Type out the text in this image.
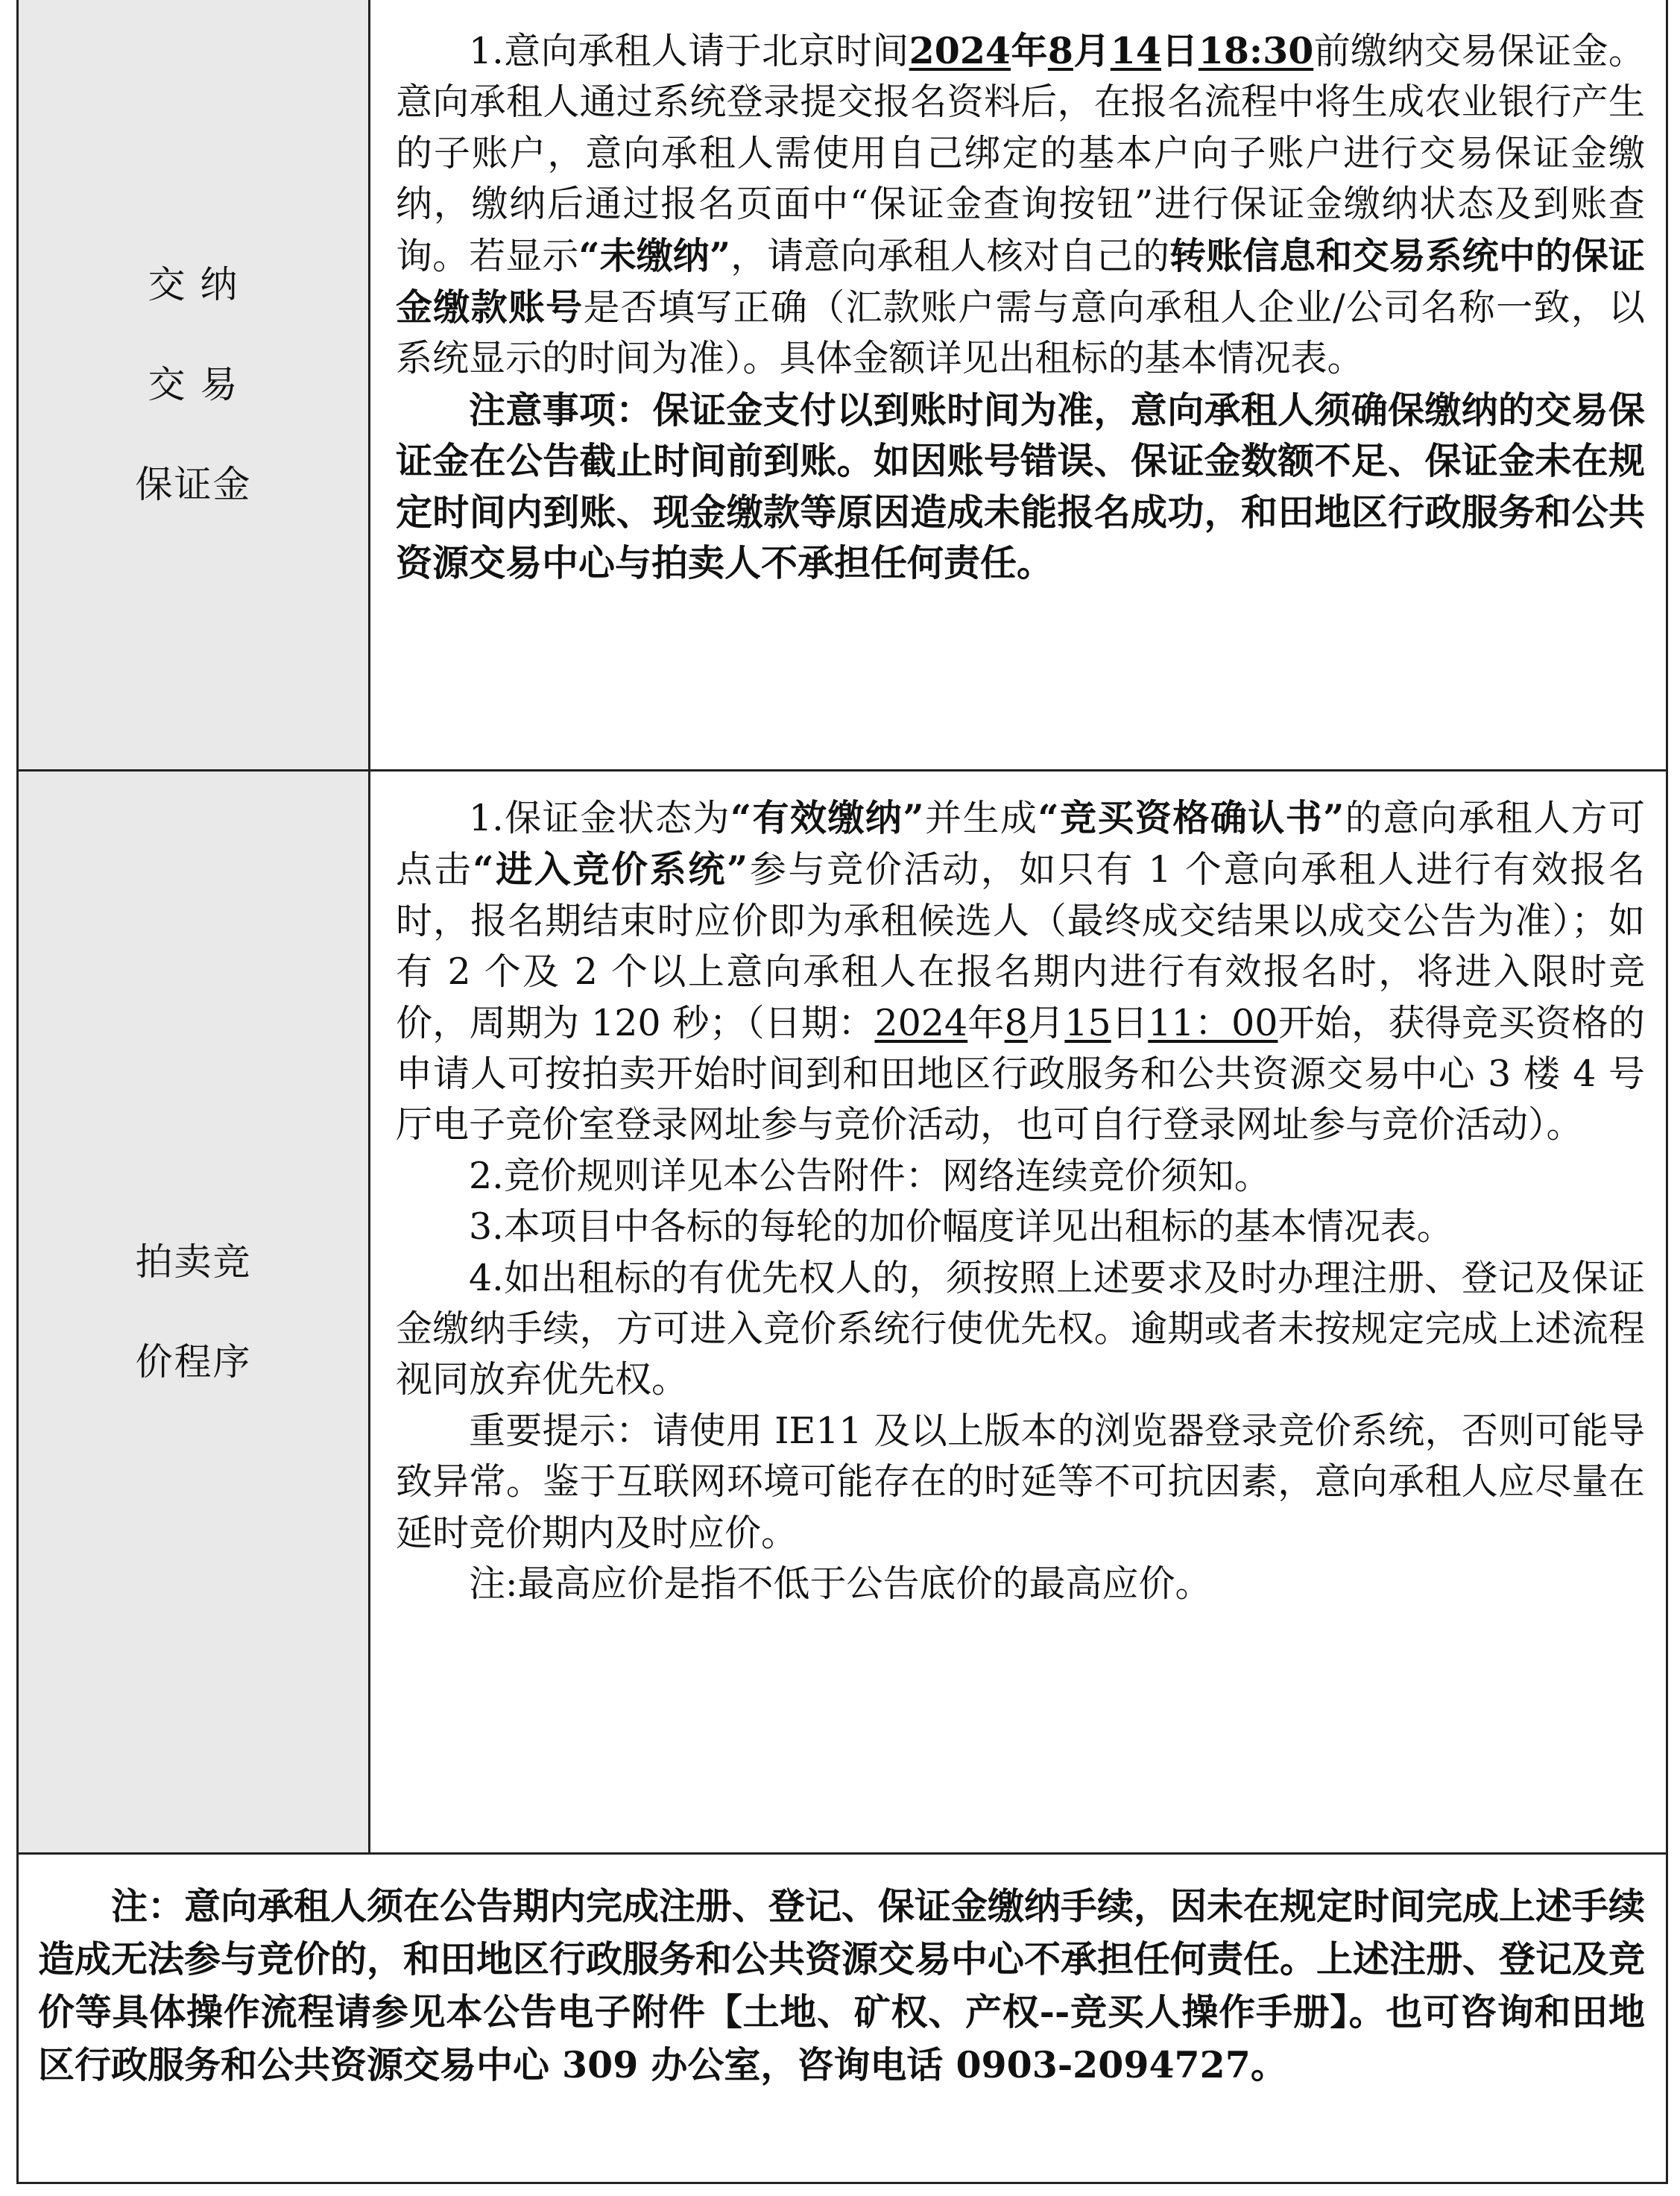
交 纳
交 易
保证金

1.意向承租人请于北京时间2024年8月14日18:30前缴纳交易保证金。意向承租人通过系统登录提交报名资料后，在报名流程中将生成农业银行产生的子账户，意向承租人需使用自己绑定的基本户向子账户进行交易保证金缴纳，缴纳后通过报名页面中“保证金查询按钮”进行保证金缴纳状态及到账查询。若显示“未缴纳”，请意向承租人核对自己的转账信息和交易系统中的保证金缴款账号是否填写正确（汇款账户需与意向承租人企业/公司名称一致，以系统显示的时间为准）。具体金额详见出租标的基本情况表。

注意事项：保证金支付以到账时间为准，意向承租人须确保缴纳的交易保证金在公告截止时间前到账。如因账号错误、保证金数额不足、保证金未在规定时间内到账、现金缴款等原因造成未能报名成功，和田地区行政服务和公共资源交易中心与拍卖人不承担任何责任。

拍卖竞
价程序

1.保证金状态为“有效缴纳”并生成“竞买资格确认书”的意向承租人方可点击“进入竞价系统”参与竞价活动，如只有 1 个意向承租人进行有效报名时，报名期结束时应价即为承租候选人（最终成交结果以成交公告为准）；如有 2 个及 2 个以上意向承租人在报名期内进行有效报名时，将进入限时竞价，周期为 120 秒；（日期：2024年8月15日11：00开始，获得竞买资格的申请人可按拍卖开始时间到和田地区行政服务和公共资源交易中心 3 楼 4 号厅电子竞价室登录网址参与竞价活动，也可自行登录网址参与竞价活动）。

2.竞价规则详见本公告附件：网络连续竞价须知。

3.本项目中各标的每轮的加价幅度详见出租标的基本情况表。

4.如出租标的有优先权人的，须按照上述要求及时办理注册、登记及保证金缴纳手续，方可进入竞价系统行使优先权。逾期或者未按规定完成上述流程视同放弃优先权。

重要提示：请使用 IE11 及以上版本的浏览器登录竞价系统，否则可能导致异常。鉴于互联网环境可能存在的时延等不可抗因素，意向承租人应尽量在延时竞价期内及时应价。

注:最高应价是指不低于公告底价的最高应价。

注：意向承租人须在公告期内完成注册、登记、保证金缴纳手续，因未在规定时间完成上述手续造成无法参与竞价的，和田地区行政服务和公共资源交易中心不承担任何责任。上述注册、登记及竞价等具体操作流程请参见本公告电子附件【土地、矿权、产权--竞买人操作手册】。也可咨询和田地区行政服务和公共资源交易中心 309 办公室，咨询电话 0903-2094727。
